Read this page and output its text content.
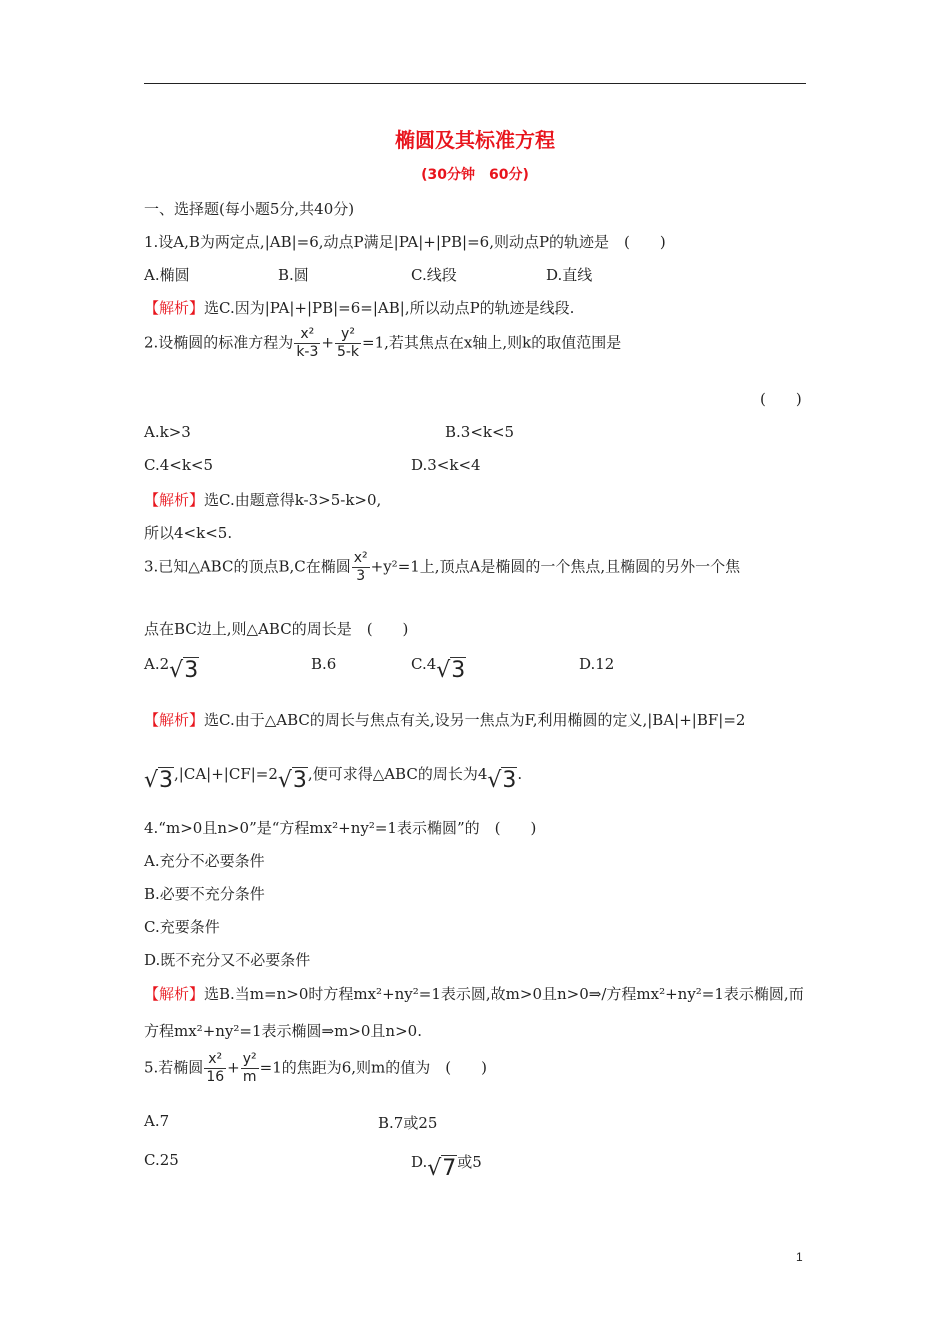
椭圆及其标准方程
(30分钟　60分)
一、选择题(每小题5分,共40分)
1.设A,B为两定点,|AB|=6,动点P满足|PA|+|PB|=6,则动点P的轨迹是　(　　)
A.椭圆	B.圆	C.线段	D.直线
【解析】选C.因为|PA|+|PB|=6=|AB|,所以动点P的轨迹是线段.
2.设椭圆的标准方程为 $\frac{\text{x²}}{k-3} + \frac{\text{y²}}{5-k} =1$,若其焦点在x轴上,则k的取值范围是
(　　)
A.k>3	B.3<k<5
C.4<k<5	D.3<k<4
【解析】选C.由题意得k-3>5-k>0,
所以4<k<5.
3.已知△ABC的顶点B,C在椭圆 $\frac{\text{x²}}{3} +y^2=1$上,顶点A是椭圆的一个焦点,且椭圆的另外一个焦
点在BC边上,则△ABC的周长是　(　　)
A.2√3	B.6	C.4√3	D.12
【解析】选C.由于△ABC的周长与焦点有关,设另一焦点为F,利用椭圆的定义,|BA|+|BF|=2
√3,|CA|+|CF|=2√3,便可求得△ABC的周长为4√3.
4.“m>0且n>0”是“方程mx²+ny²=1表示椭圆”的　(　　)
A.充分不必要条件
B.必要不充分条件
C.充要条件
D.既不充分又不必要条件
【解析】选B.当m=n>0时方程mx²+ny²=1表示圆,故m>0且n>0⇒/方程mx²+ny²=1表示椭圆,而
方程mx²+ny²=1表示椭圆⇒m>0且n>0.
5.若椭圆 $\frac{\text{x²}}{16} + \frac{\text{y²}}{m} =1$的焦距为6,则m的值为　(　　)
A.7	B.7或25
C.25	D.√7或5
1
